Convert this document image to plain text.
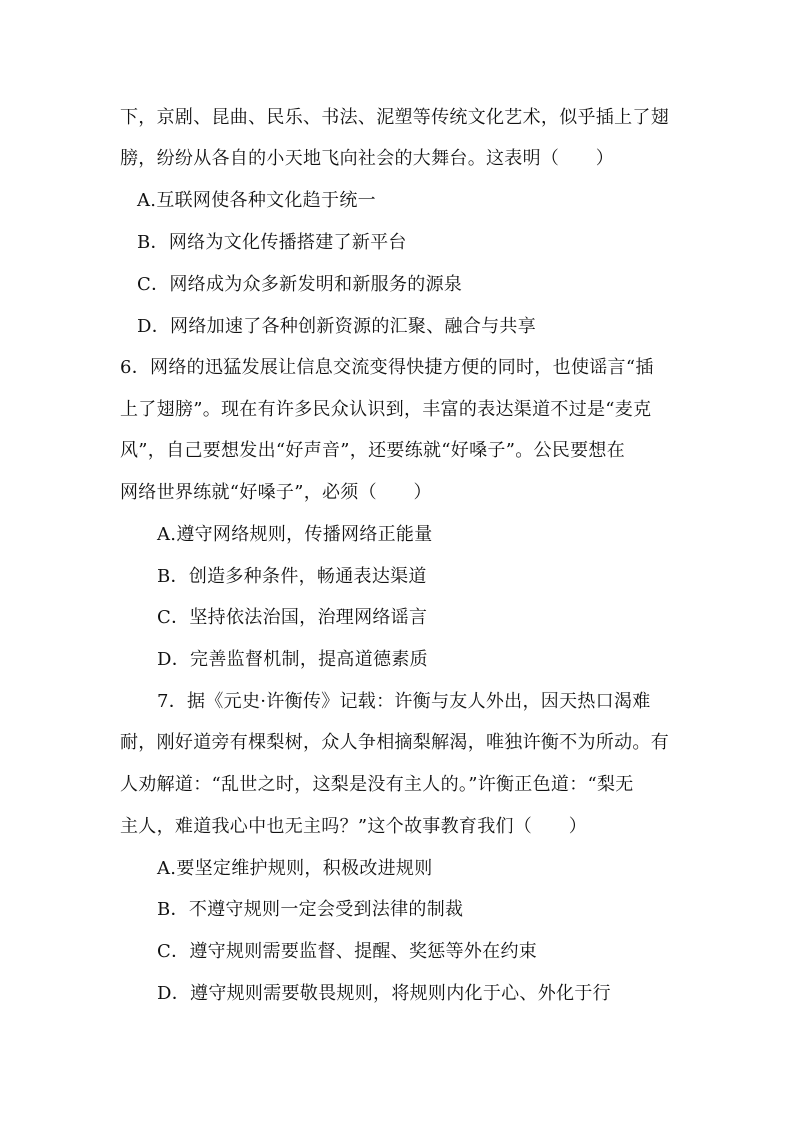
下，京剧、昆曲、民乐、书法、泥塑等传统文化艺术，似乎插上了翅
膀，纷纷从各自的小天地飞向社会的大舞台。这表明（　　）
A.互联网使各种文化趋于统一
B．网络为文化传播搭建了新平台
C．网络成为众多新发明和新服务的源泉
D．网络加速了各种创新资源的汇聚、融合与共享
6．网络的迅猛发展让信息交流变得快捷方便的同时，也使谣言“插
上了翅膀”。现在有许多民众认识到，丰富的表达渠道不过是“麦克
风”，自己要想发出“好声音”，还要练就“好嗓子”。公民要想在
网络世界练就“好嗓子”，必须（　　）
A.遵守网络规则，传播网络正能量
B．创造多种条件，畅通表达渠道
C．坚持依法治国，治理网络谣言
D．完善监督机制，提高道德素质
7．据《元史·许衡传》记载：许衡与友人外出，因天热口渴难
耐，刚好道旁有棵梨树，众人争相摘梨解渴，唯独许衡不为所动。有
人劝解道：“乱世之时，这梨是没有主人的。”许衡正色道：“梨无
主人，难道我心中也无主吗？”这个故事教育我们（　　）
A.要坚定维护规则，积极改进规则
B．不遵守规则一定会受到法律的制裁
C．遵守规则需要监督、提醒、奖惩等外在约束
D．遵守规则需要敬畏规则，将规则内化于心、外化于行
